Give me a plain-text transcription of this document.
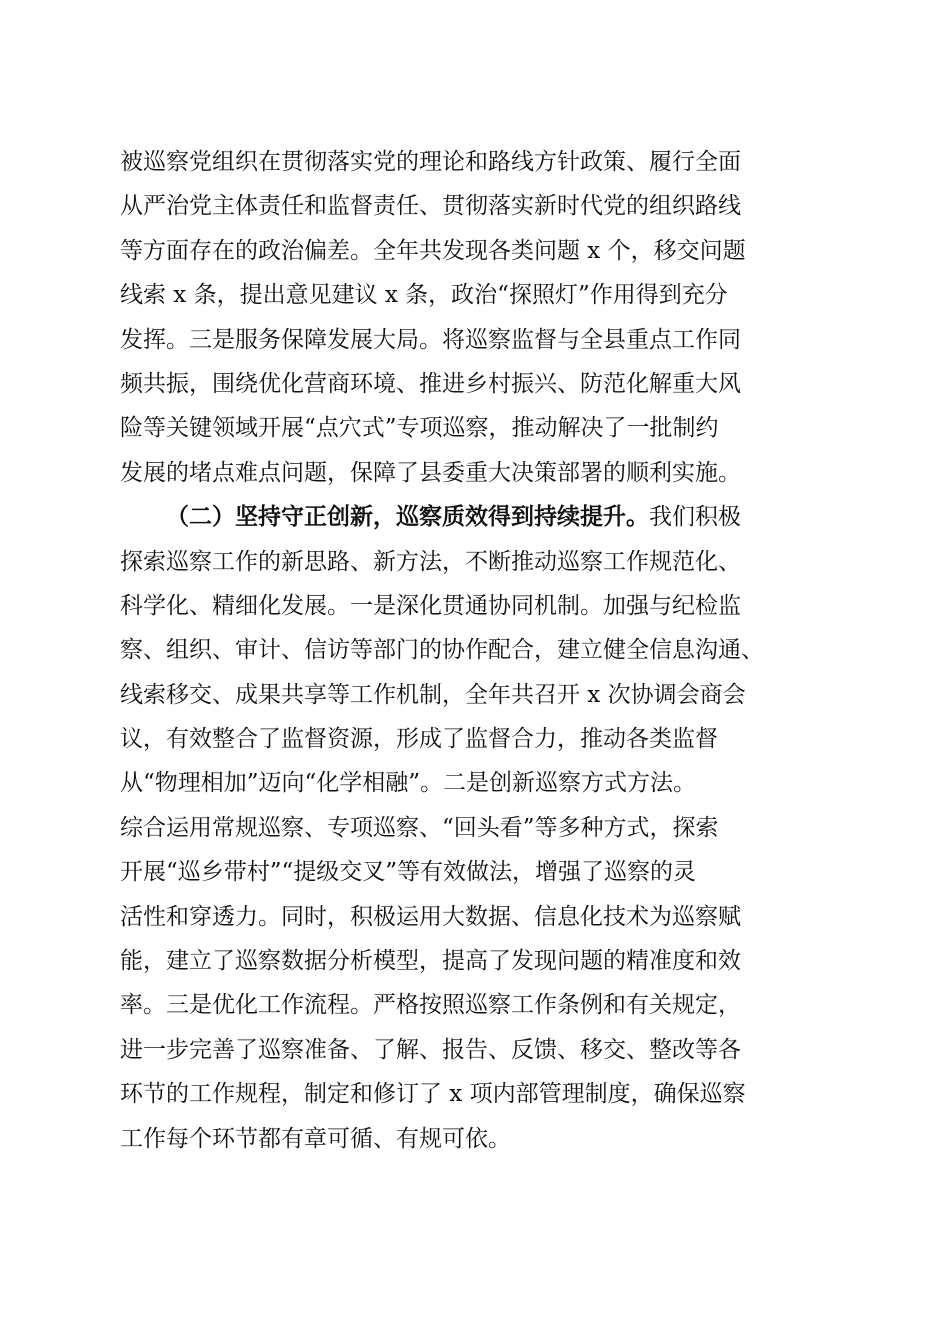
被巡察党组织在贯彻落实党的理论和路线方针政策、履行全面
从严治党主体责任和监督责任、贯彻落实新时代党的组织路线
等方面存在的政治偏差。全年共发现各类问题 x 个，移交问题
线索 x 条，提出意见建议 x 条，政治“探照灯”作用得到充分
发挥。三是服务保障发展大局。将巡察监督与全县重点工作同
频共振，围绕优化营商环境、推进乡村振兴、防范化解重大风
险等关键领域开展“点穴式”专项巡察，推动解决了一批制约
发展的堵点难点问题，保障了县委重大决策部署的顺利实施。
（二）坚持守正创新，巡察质效得到持续提升。我们积极
探索巡察工作的新思路、新方法，不断推动巡察工作规范化、
科学化、精细化发展。一是深化贯通协同机制。加强与纪检监
察、组织、审计、信访等部门的协作配合，建立健全信息沟通、
线索移交、成果共享等工作机制，全年共召开 x 次协调会商会
议，有效整合了监督资源，形成了监督合力，推动各类监督
从“物理相加”迈向“化学相融”。二是创新巡察方式方法。
综合运用常规巡察、专项巡察、“回头看”等多种方式，探索
开展“巡乡带村”“提级交叉”等有效做法，增强了巡察的灵
活性和穿透力。同时，积极运用大数据、信息化技术为巡察赋
能，建立了巡察数据分析模型，提高了发现问题的精准度和效
率。三是优化工作流程。严格按照巡察工作条例和有关规定，
进一步完善了巡察准备、了解、报告、反馈、移交、整改等各
环节的工作规程，制定和修订了 x 项内部管理制度，确保巡察
工作每个环节都有章可循、有规可依。
